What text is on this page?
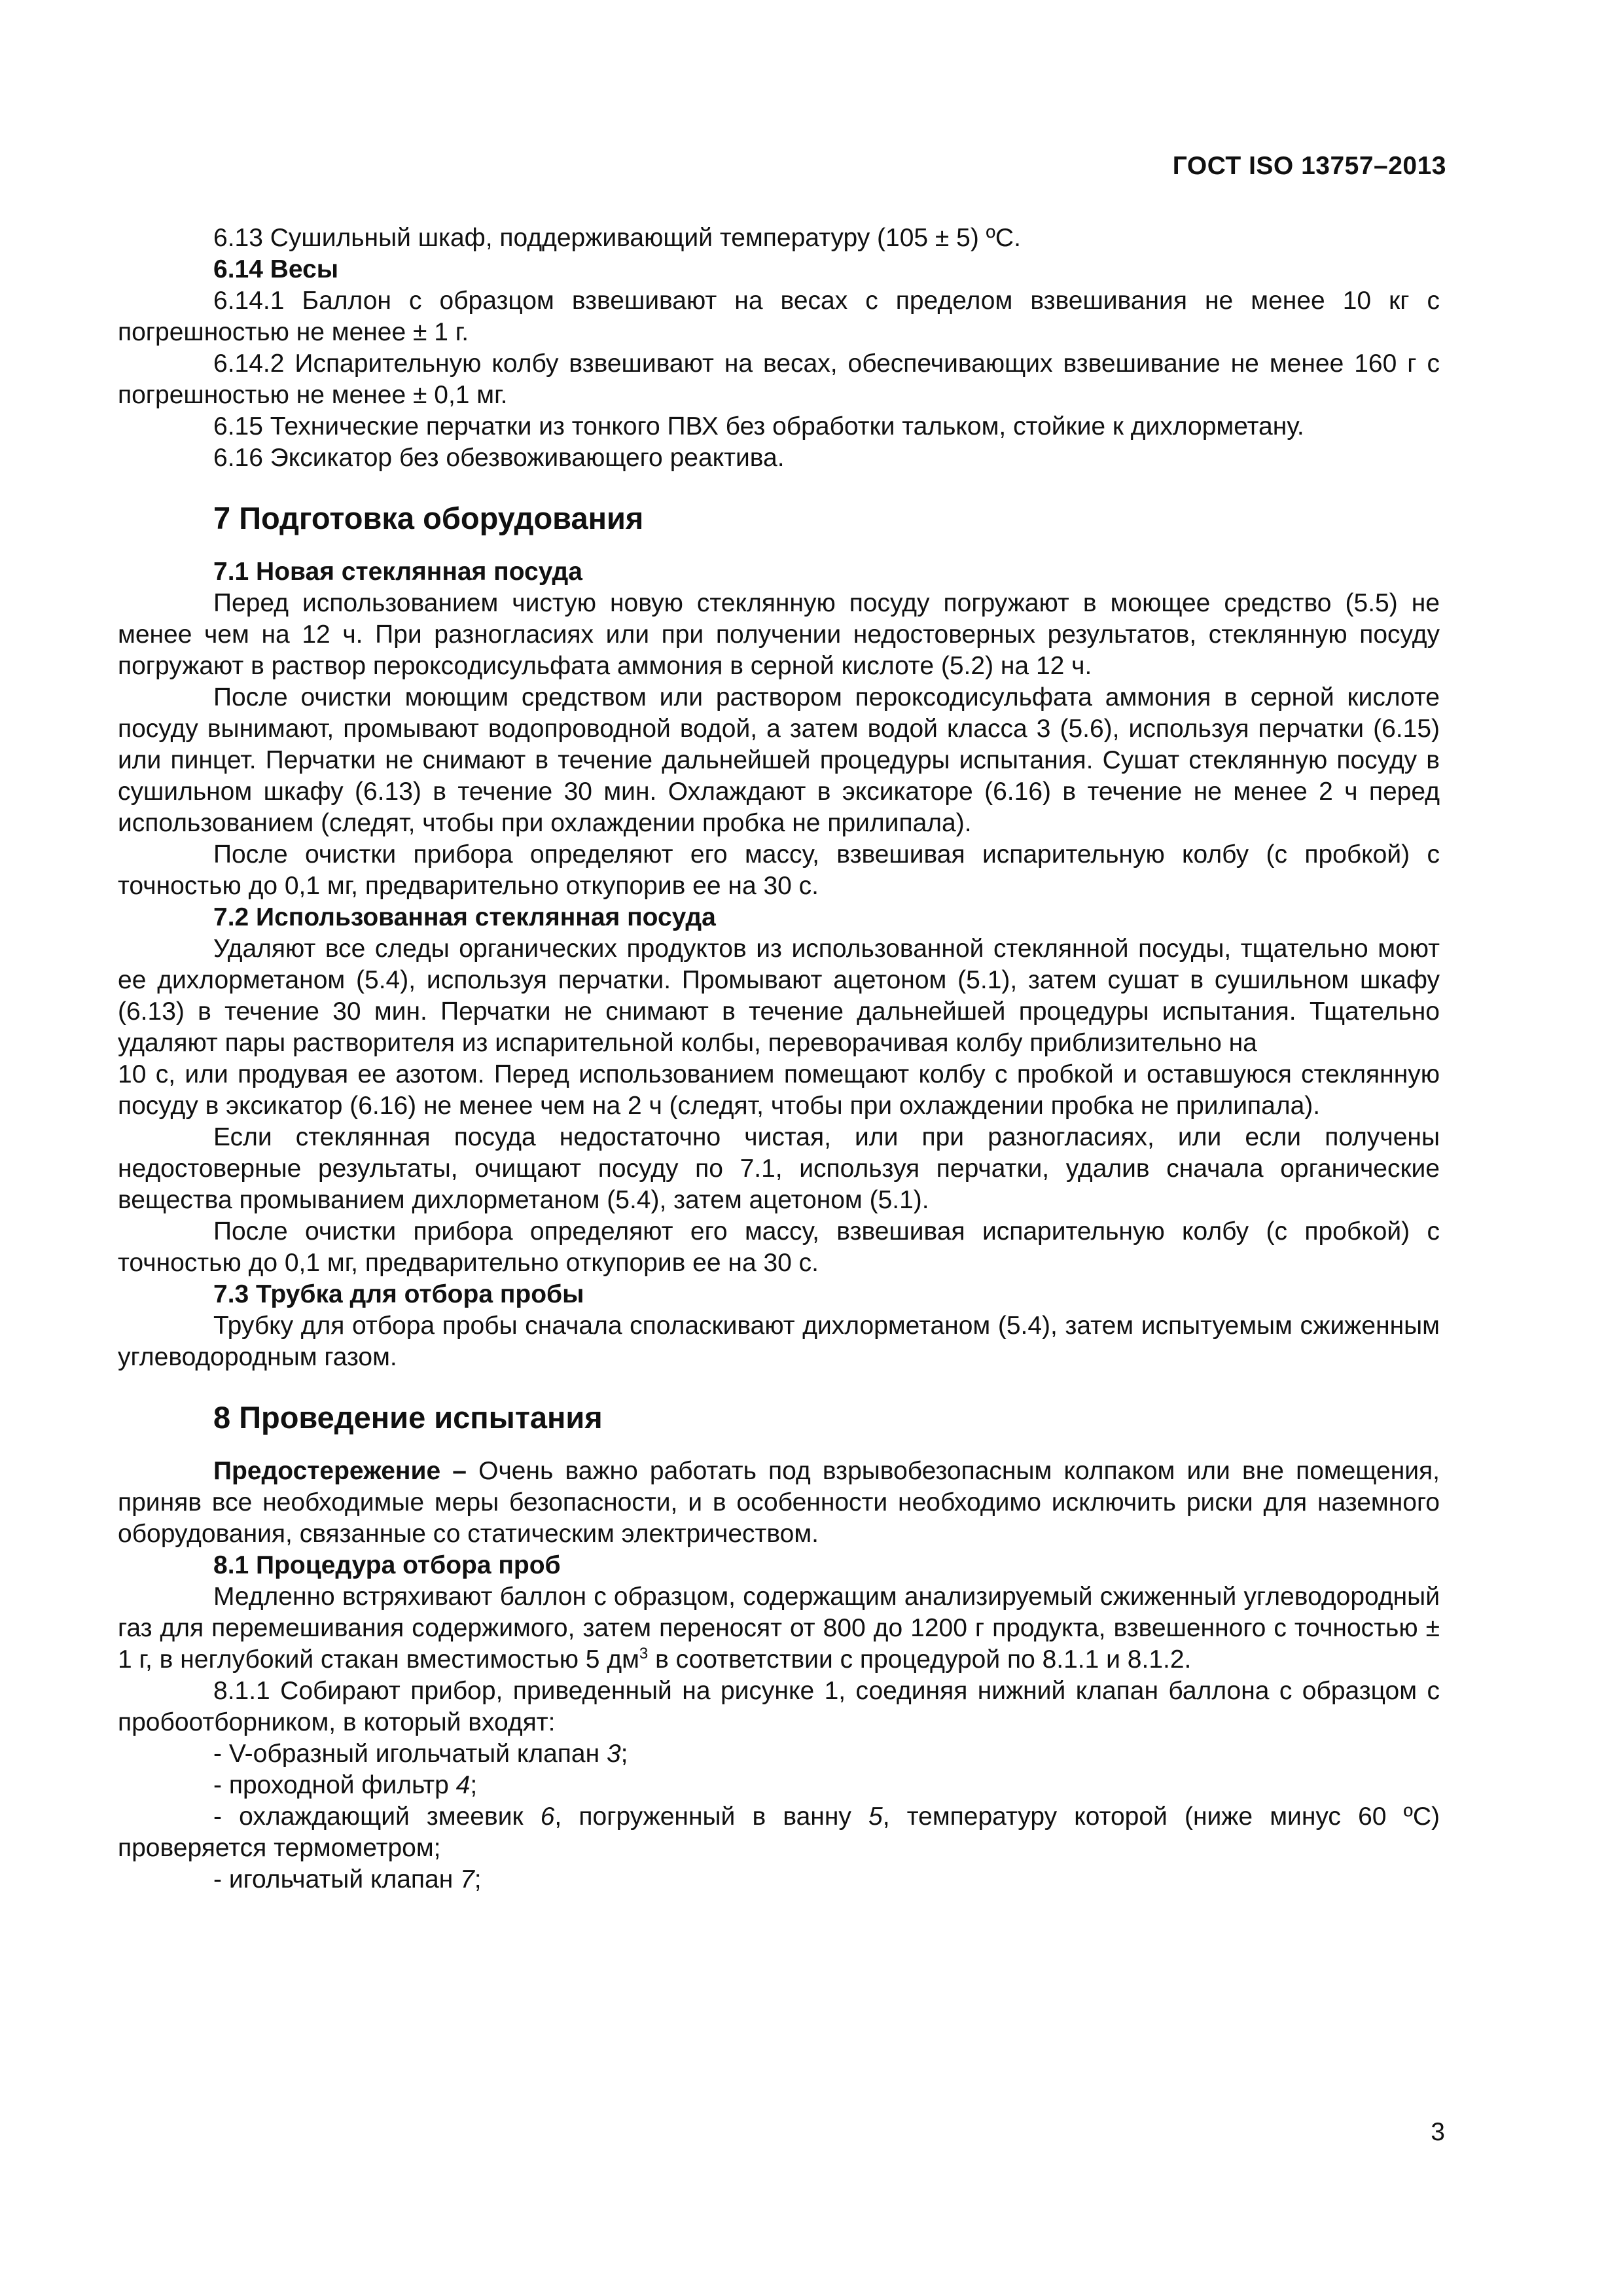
ГОСТ ISO 13757–2013

6.13 Сушильный шкаф, поддерживающий температуру (105 ± 5) ºC.

6.14 Весы

6.14.1 Баллон с образцом взвешивают на весах с пределом взвешивания не менее 10 кг с погрешностью не менее ± 1 г.

6.14.2 Испарительную колбу взвешивают на весах, обеспечивающих взвешивание не менее 160 г с погрешностью не менее ± 0,1 мг.

6.15 Технические перчатки из тонкого ПВХ без обработки тальком, стойкие к дихлорметану.

6.16 Эксикатор без обезвоживающего реактива.

7 Подготовка оборудования

7.1 Новая стеклянная посуда

Перед использованием чистую новую стеклянную посуду погружают в моющее средство (5.5) не менее чем на 12 ч. При разногласиях или при получении недостоверных результатов, стеклянную посуду погружают в раствор пероксодисульфата аммония в серной кислоте (5.2) на 12 ч.

После очистки моющим средством или раствором пероксодисульфата аммония в серной кислоте посуду вынимают, промывают водопроводной водой, а затем водой класса 3 (5.6), используя перчатки (6.15) или пинцет. Перчатки не снимают в течение дальнейшей процедуры испытания. Сушат стеклянную посуду в сушильном шкафу (6.13) в течение 30 мин. Охлаждают в эксикаторе (6.16) в течение не менее 2 ч перед использованием (следят, чтобы при охлаждении пробка не прилипала).

После очистки прибора определяют его массу, взвешивая испарительную колбу (с пробкой) с точностью до 0,1 мг, предварительно откупорив ее на 30 с.

7.2 Использованная стеклянная посуда

Удаляют все следы органических продуктов из использованной стеклянной посуды, тщательно моют ее дихлорметаном (5.4), используя перчатки. Промывают ацетоном (5.1), затем сушат в сушильном шкафу (6.13) в течение 30 мин. Перчатки не снимают в течение дальнейшей процедуры испытания. Тщательно удаляют пары растворителя из испарительной колбы, переворачивая колбу приблизительно на

10 с, или продувая ее азотом. Перед использованием помещают колбу с пробкой и оставшуюся стеклянную посуду в эксикатор (6.16) не менее чем на 2 ч (следят, чтобы при охлаждении пробка не прилипала).

Если стеклянная посуда недостаточно чистая, или при разногласиях, или если получены недостоверные результаты, очищают посуду по 7.1, используя перчатки, удалив сначала органические вещества промыванием дихлорметаном (5.4), затем ацетоном (5.1).

После очистки прибора определяют его массу, взвешивая испарительную колбу (с пробкой) с точностью до 0,1 мг, предварительно откупорив ее на 30 с.

7.3 Трубка для отбора пробы

Трубку для отбора пробы сначала споласкивают дихлорметаном (5.4), затем испытуемым сжиженным углеводородным газом.

8 Проведение испытания

Предостережение – Очень важно работать под взрывобезопасным колпаком или вне помещения, приняв все необходимые меры безопасности, и в особенности необходимо исключить риски для наземного оборудования, связанные со статическим электричеством.

8.1 Процедура отбора проб

Медленно встряхивают баллон с образцом, содержащим анализируемый сжиженный углеводородный газ для перемешивания содержимого, затем переносят от 800 до 1200 г продукта, взвешенного с точностью ± 1 г, в неглубокий стакан вместимостью 5 $дм^3$ в соответствии с процедурой по 8.1.1 и 8.1.2.

8.1.1 Собирают прибор, приведенный на рисунке 1, соединяя нижний клапан баллона с образцом с пробоотборником, в который входят:

- V-образный игольчатый клапан 3;

- проходной фильтр 4;

- охлаждающий змеевик 6, погруженный в ванну 5, температуру которой (ниже минус 60 ºC) проверяется термометром;

- игольчатый клапан 7;

3
